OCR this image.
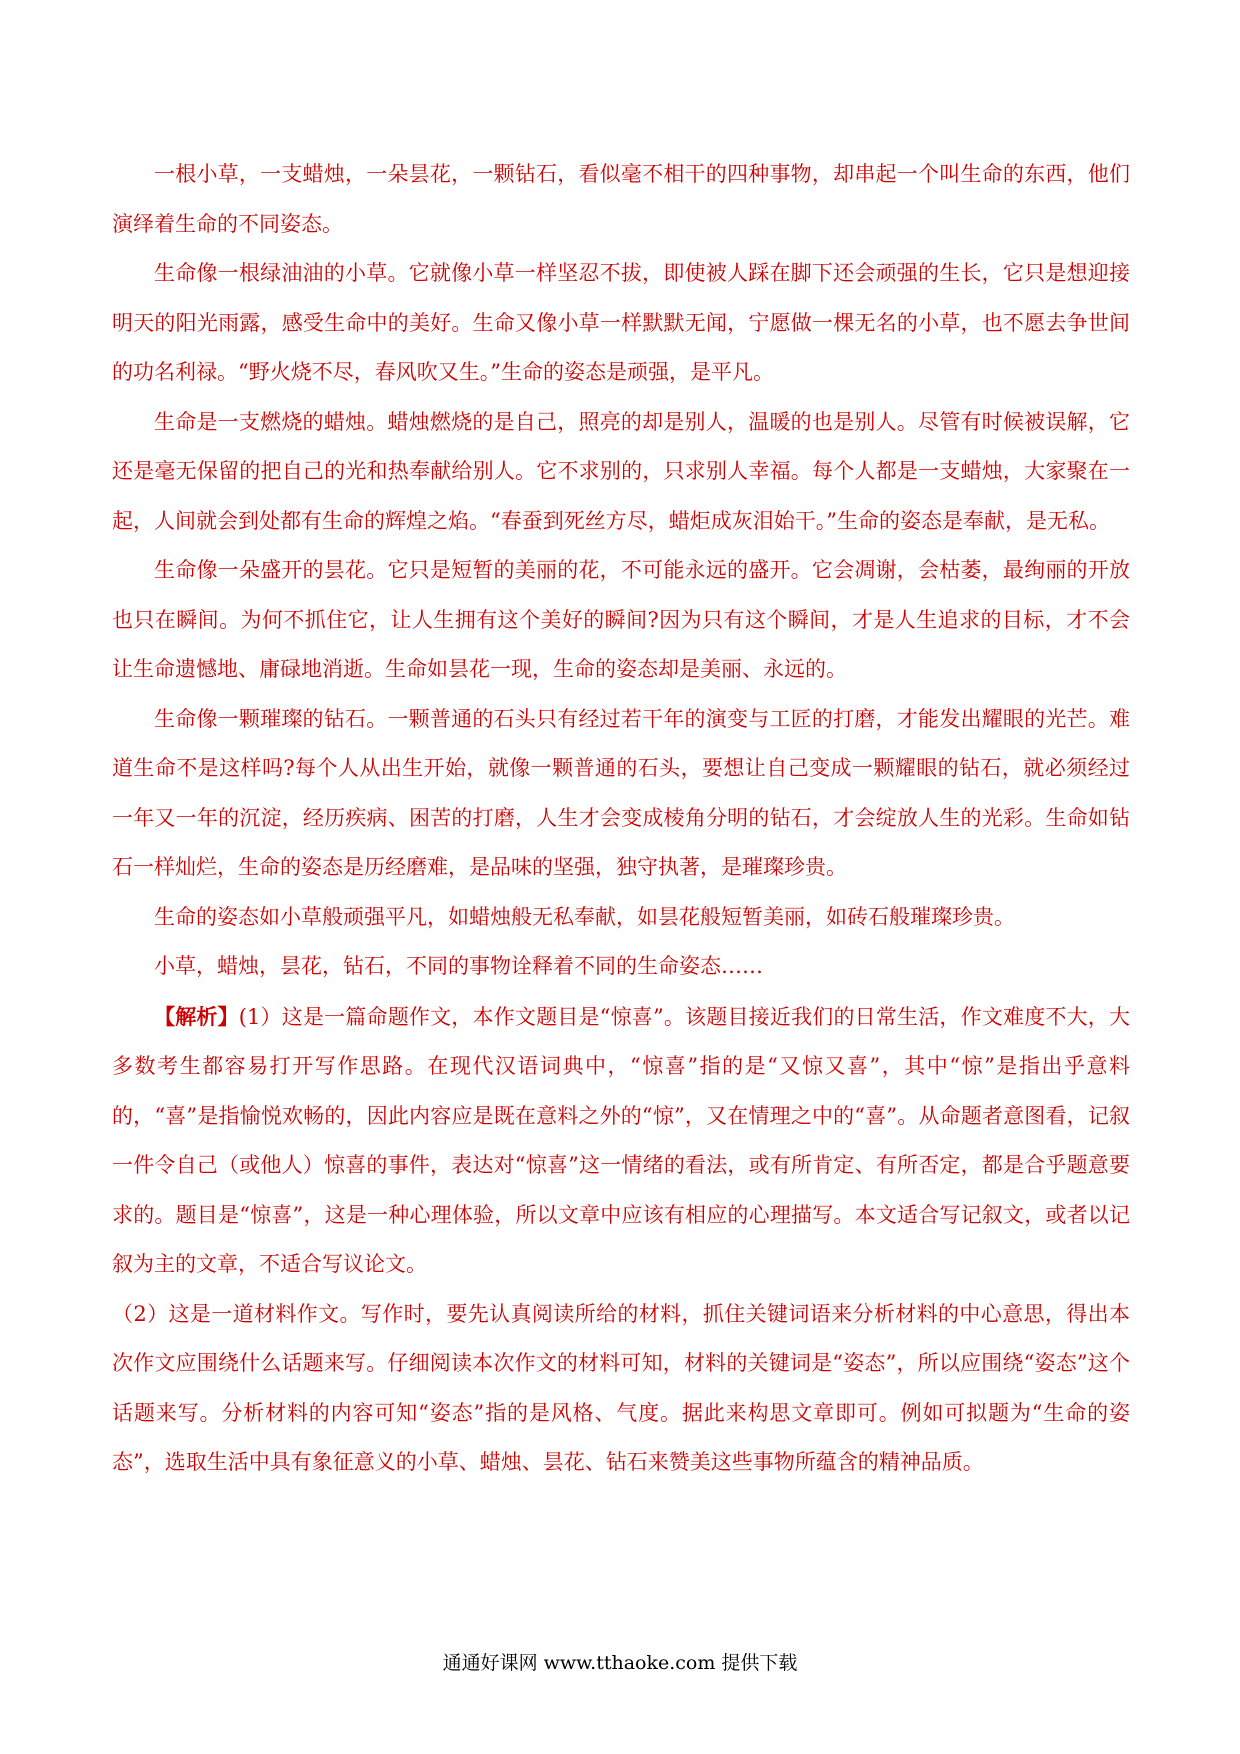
一根小草，一支蜡烛，一朵昙花，一颗钻石，看似毫不相干的四种事物，却串起一个叫生命的东西，他们演绎着生命的不同姿态。

生命像一根绿油油的小草。它就像小草一样坚忍不拔，即使被人踩在脚下还会顽强的生长，它只是想迎接明天的阳光雨露，感受生命中的美好。生命又像小草一样默默无闻，宁愿做一棵无名的小草，也不愿去争世间的功名利禄。“野火烧不尽，春风吹又生。”生命的姿态是顽强，是平凡。

生命是一支燃烧的蜡烛。蜡烛燃烧的是自己，照亮的却是别人，温暖的也是别人。尽管有时候被误解，它还是毫无保留的把自己的光和热奉献给别人。它不求别的，只求别人幸福。每个人都是一支蜡烛，大家聚在一起，人间就会到处都有生命的辉煌之焰。“春蚕到死丝方尽，蜡炬成灰泪始干。”生命的姿态是奉献，是无私。

生命像一朵盛开的昙花。它只是短暂的美丽的花，不可能永远的盛开。它会凋谢，会枯萎，最绚丽的开放也只在瞬间。为何不抓住它，让人生拥有这个美好的瞬间?因为只有这个瞬间，才是人生追求的目标，才不会让生命遗憾地、庸碌地消逝。生命如昙花一现，生命的姿态却是美丽、永远的。

生命像一颗璀璨的钻石。一颗普通的石头只有经过若干年的演变与工匠的打磨，才能发出耀眼的光芒。难道生命不是这样吗?每个人从出生开始，就像一颗普通的石头，要想让自己变成一颗耀眼的钻石，就必须经过一年又一年的沉淀，经历疾病、困苦的打磨，人生才会变成棱角分明的钻石，才会绽放人生的光彩。生命如钻石一样灿烂，生命的姿态是历经磨难，是品味的坚强，独守执著，是璀璨珍贵。

生命的姿态如小草般顽强平凡，如蜡烛般无私奉献，如昙花般短暂美丽，如砖石般璀璨珍贵。

小草，蜡烛，昙花，钻石，不同的事物诠释着不同的生命姿态……

【解析】(1）这是一篇命题作文，本作文题目是“惊喜”。该题目接近我们的日常生活，作文难度不大，大多数考生都容易打开写作思路。在现代汉语词典中，“惊喜”指的是“又惊又喜”，其中“惊”是指出乎意料的，“喜”是指愉悦欢畅的，因此内容应是既在意料之外的“惊”，又在情理之中的“喜”。从命题者意图看，记叙一件令自己（或他人）惊喜的事件，表达对“惊喜”这一情绪的看法，或有所肯定、有所否定，都是合乎题意要求的。题目是“惊喜”，这是一种心理体验，所以文章中应该有相应的心理描写。本文适合写记叙文，或者以记叙为主的文章，不适合写议论文。

（2）这是一道材料作文。写作时，要先认真阅读所给的材料，抓住关键词语来分析材料的中心意思，得出本次作文应围绕什么话题来写。仔细阅读本次作文的材料可知，材料的关键词是“姿态”，所以应围绕“姿态”这个话题来写。分析材料的内容可知“姿态”指的是风格、气度。据此来构思文章即可。例如可拟题为“生命的姿态”，选取生活中具有象征意义的小草、蜡烛、昙花、钻石来赞美这些事物所蕴含的精神品质。

通通好课网 www.tthaoke.com 提供下载
